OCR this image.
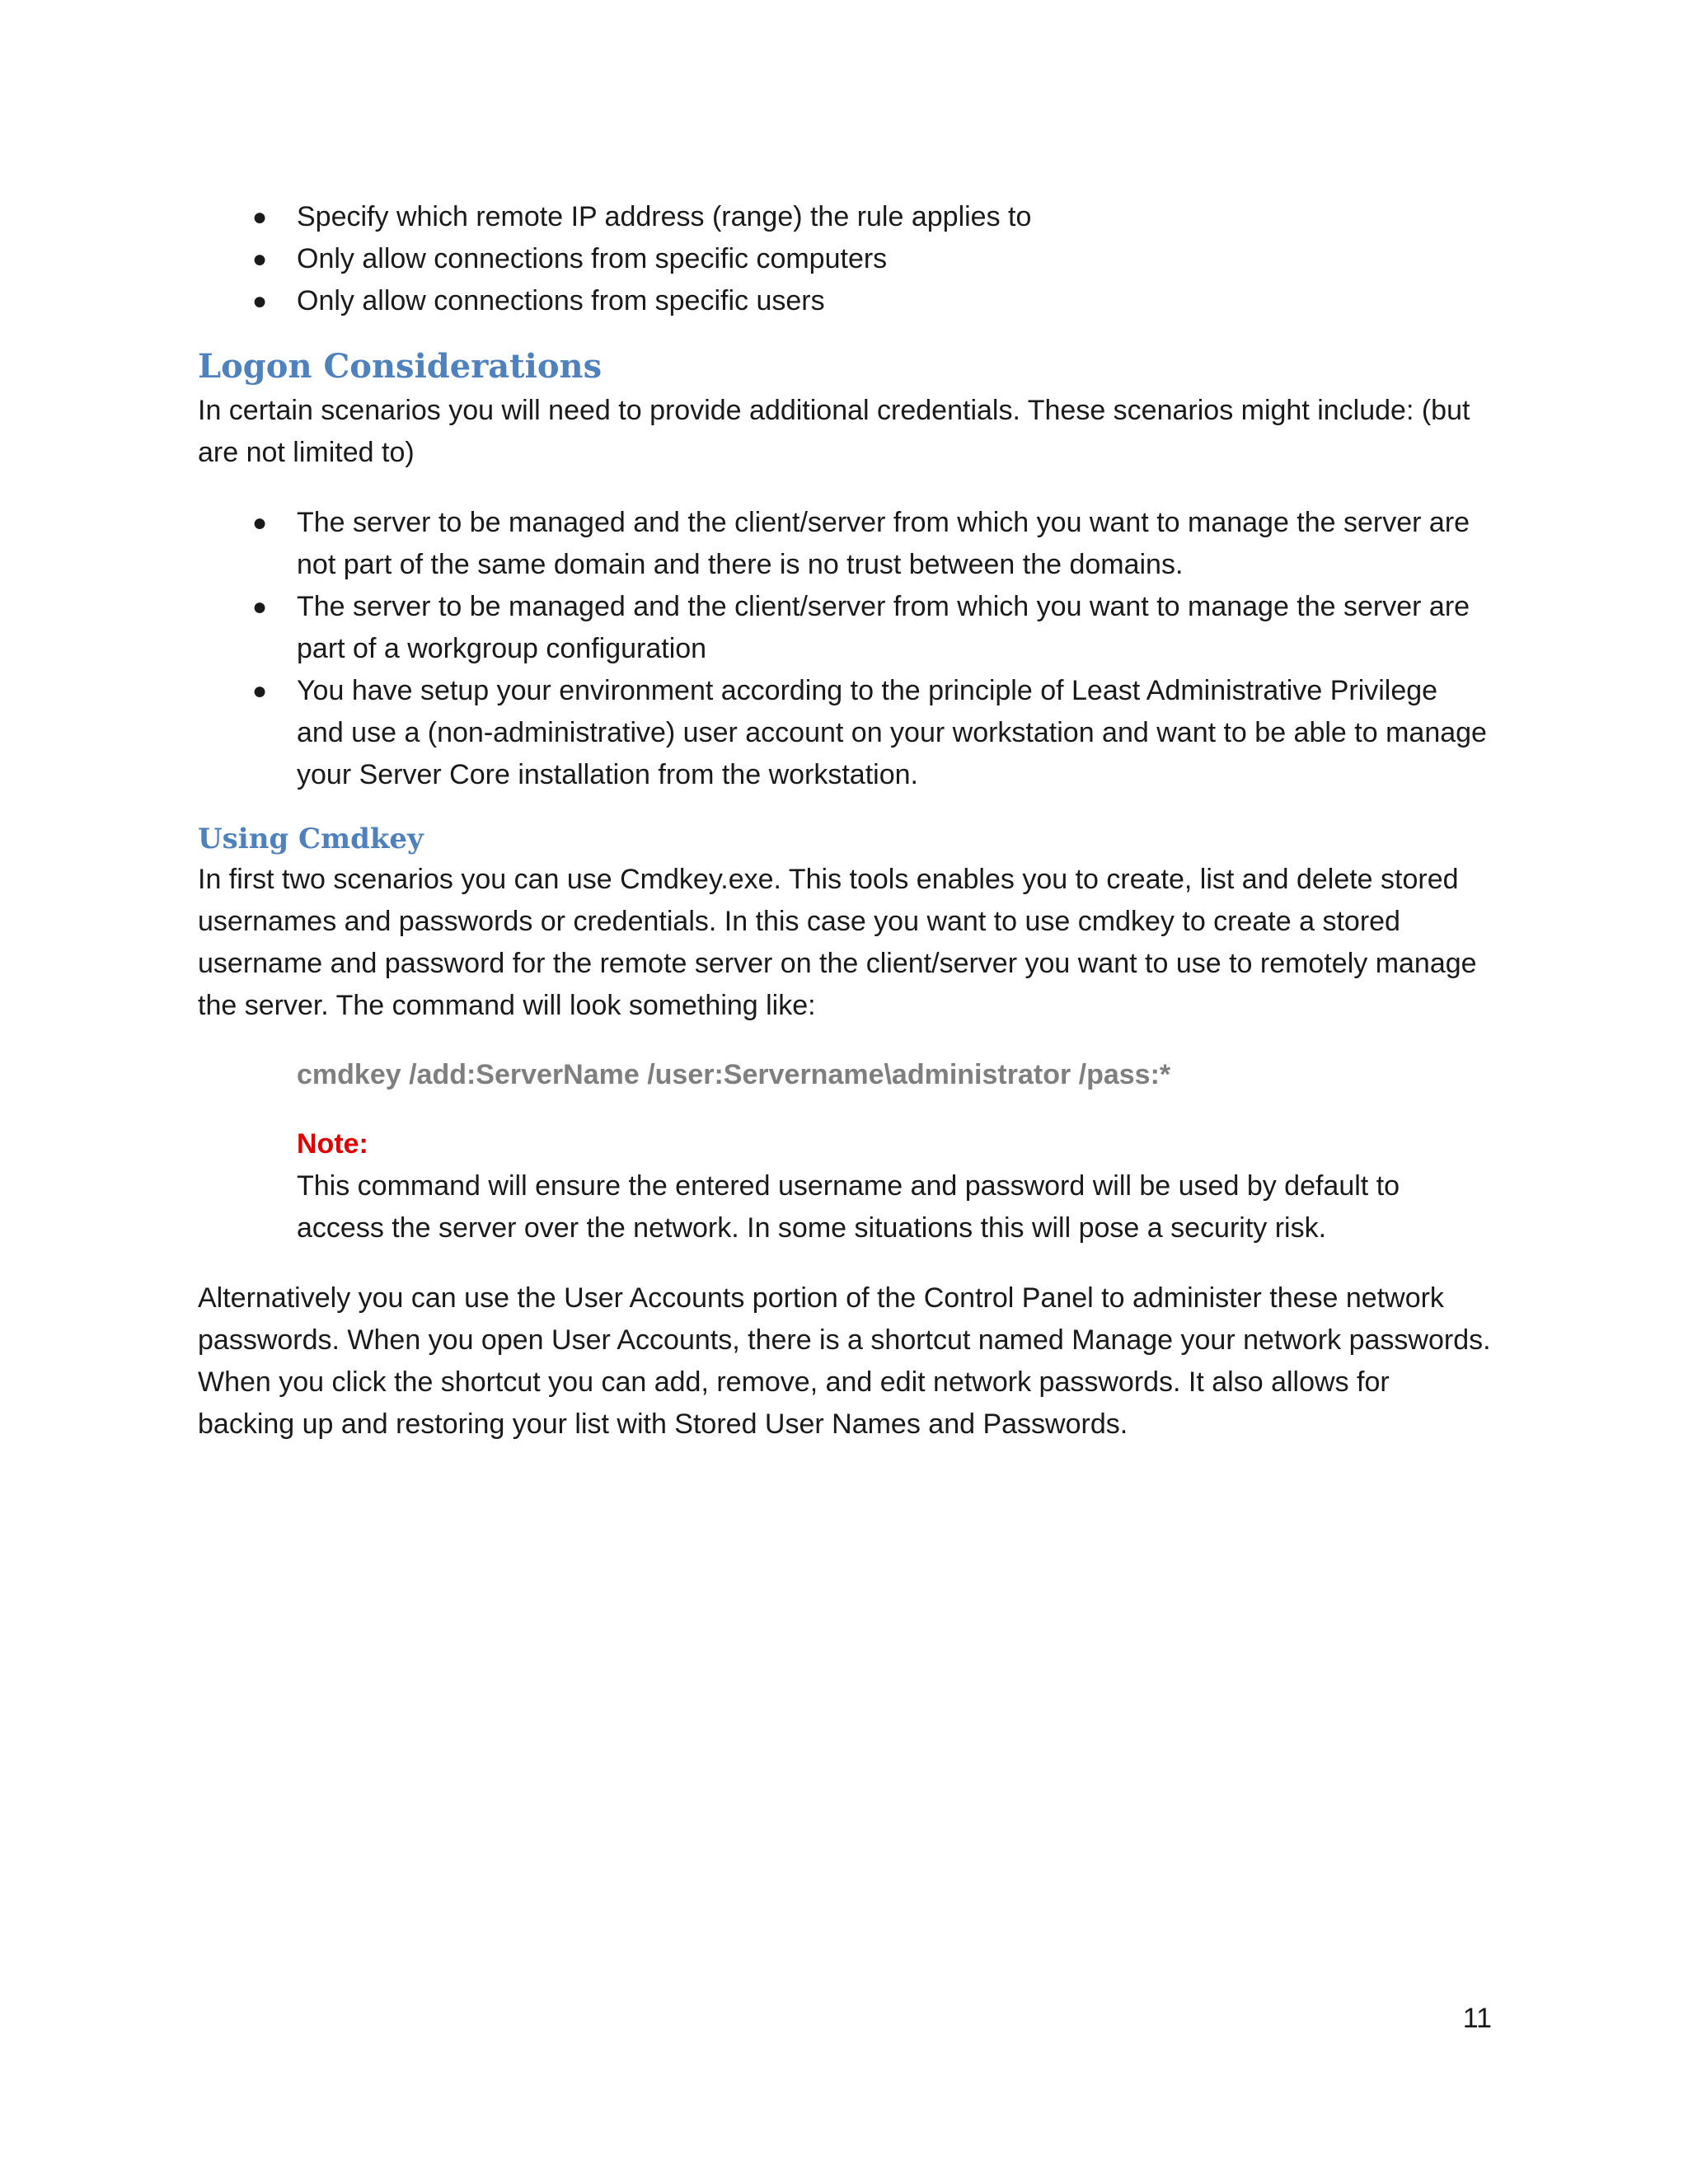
● Specify which remote IP address (range) the rule applies to
● Only allow connections from specific computers
● Only allow connections from specific users
Logon Considerations

In certain scenarios you will need to provide additional credentials. These scenarios might include: (but are not limited to)

● The server to be managed and the client/server from which you want to manage the server are not part of the same domain and there is no trust between the domains.
● The server to be managed and the client/server from which you want to manage the server are part of a workgroup configuration
● You have setup your environment according to the principle of Least Administrative Privilege and use a (non-administrative) user account on your workstation and want to be able to manage your Server Core installation from the workstation.
Using Cmdkey

In first two scenarios you can use Cmdkey.exe. This tools enables you to create, list and delete stored usernames and passwords or credentials. In this case you want to use cmdkey to create a stored username and password for the remote server on the client/server you want to use to remotely manage the server. The command will look something like:

cmdkey /add:ServerName /user:Servername\administrator /pass:*

Note:

This command will ensure the entered username and password will be used by default to access the server over the network. In some situations this will pose a security risk.

Alternatively you can use the User Accounts portion of the Control Panel to administer these network passwords. When you open User Accounts, there is a shortcut named Manage your network passwords. When you click the shortcut you can add, remove, and edit network passwords. It also allows for backing up and restoring your list with Stored User Names and Passwords.

11
